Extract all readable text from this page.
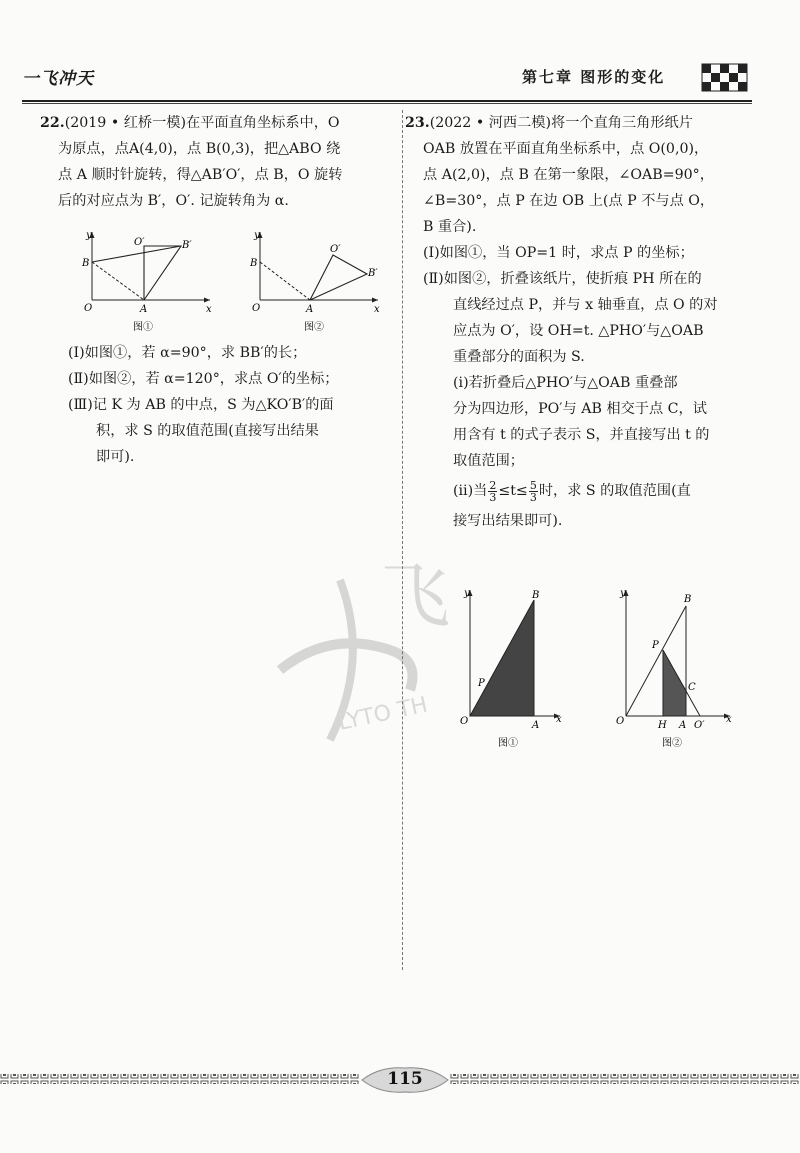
一飞冲天	第七章 图形的变化
飞
LYTO TH

22.(2019 • 红桥一模)在平面直角坐标系中，O

为原点，点A(4,0)，点 B(0,3)，把△ABO 绕

点 A 顺时针旋转，得△AB′O′，点 B，O 旋转

后的对应点为 B′，O′. 记旋转角为 α.

y
x
O
B
A
O′	B′
图①
y
x
O
B
A
O′
B′
图②

(Ⅰ)如图①，若 α=90°，求 BB′的长；

(Ⅱ)如图②，若 α=120°，求点 O′的坐标；

(Ⅲ)记 K 为 AB 的中点，S 为△KO′B′的面

积，求 S 的取值范围(直接写出结果

即可).

23.(2022 • 河西二模)将一个直角三角形纸片

OAB 放置在平面直角坐标系中，点 O(0,0)，

点 A(2,0)，点 B 在第一象限，∠OAB=90°，

∠B=30°，点 P 在边 OB 上(点 P 不与点 O，

B 重合).

(Ⅰ)如图①，当 OP=1 时，求点 P 的坐标；

(Ⅱ)如图②，折叠该纸片，使折痕 PH 所在的

直线经过点 P，并与 x 轴垂直，点 O 的对

应点为 O′，设 OH=t. △PHO′与△OAB

重叠部分的面积为 S.

(ⅰ)若折叠后△PHO′与△OAB 重叠部

分为四边形，PO′与 AB 相交于点 C，试

用含有 t 的式子表示 S，并直接写出 t 的

取值范围；

(ⅱ)当 $\frac{2}{3} \le t\le \frac{5}{3}$ 时，求 S 的取值范围(直

接写出结果即可).

y
x
O	A
B
P
图①
y
x
O
B
P
C
H A O′
图②
115
